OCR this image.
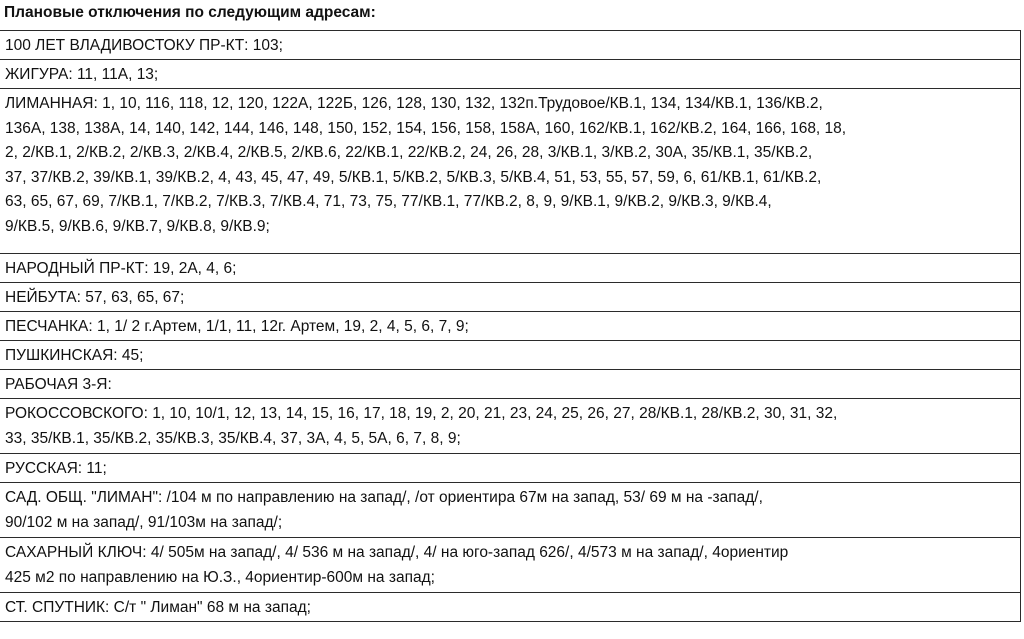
Плановые отключения по следующим адресам:
100 ЛЕТ ВЛАДИВОСТОКУ ПР-КТ: 103;
ЖИГУРА: 11, 11А, 13;
ЛИМАННАЯ: 1, 10, 116, 118, 12, 120, 122А, 122Б, 126, 128, 130, 132, 132п.Трудовое/КВ.1, 134, 134/КВ.1, 136/КВ.2,
136А, 138, 138А, 14, 140, 142, 144, 146, 148, 150, 152, 154, 156, 158, 158А, 160, 162/КВ.1, 162/КВ.2, 164, 166, 168, 18,
2, 2/КВ.1, 2/КВ.2, 2/КВ.3, 2/КВ.4, 2/КВ.5, 2/КВ.6, 22/КВ.1, 22/КВ.2, 24, 26, 28, 3/КВ.1, 3/КВ.2, 30А, 35/КВ.1, 35/КВ.2,
37, 37/КВ.2, 39/КВ.1, 39/КВ.2, 4, 43, 45, 47, 49, 5/КВ.1, 5/КВ.2, 5/КВ.3, 5/КВ.4, 51, 53, 55, 57, 59, 6, 61/КВ.1, 61/КВ.2,
63, 65, 67, 69, 7/КВ.1, 7/КВ.2, 7/КВ.3, 7/КВ.4, 71, 73, 75, 77/КВ.1, 77/КВ.2, 8, 9, 9/КВ.1, 9/КВ.2, 9/КВ.3, 9/КВ.4,
9/КВ.5, 9/КВ.6, 9/КВ.7, 9/КВ.8, 9/КВ.9;
НАРОДНЫЙ ПР-КТ: 19, 2А, 4, 6;
НЕЙБУТА: 57, 63, 65, 67;
ПЕСЧАНКА: 1, 1/ 2 г.Артем, 1/1, 11, 12г. Артем, 19, 2, 4, 5, 6, 7, 9;
ПУШКИНСКАЯ: 45;
РАБОЧАЯ 3-Я:
РОКОССОВСКОГО: 1, 10, 10/1, 12, 13, 14, 15, 16, 17, 18, 19, 2, 20, 21, 23, 24, 25, 26, 27, 28/КВ.1, 28/КВ.2, 30, 31, 32,
33, 35/КВ.1, 35/КВ.2, 35/КВ.3, 35/КВ.4, 37, 3А, 4, 5, 5А, 6, 7, 8, 9;
РУССКАЯ: 11;
САД. ОБЩ. "ЛИМАН": /104 м по направлению на запад/, /от ориентира 67м на запад, 53/ 69 м на -запад/,
90/102 м на запад/, 91/103м на запад/;
САХАРНЫЙ КЛЮЧ: 4/ 505м на запад/, 4/ 536 м на запад/, 4/ на юго-запад 626/, 4/573 м на запад/, 4ориентир
425 м2 по направлению на Ю.З., 4ориентир-600м на запад;
СТ. СПУТНИК: С/т " Лиман" 68 м на запад;
